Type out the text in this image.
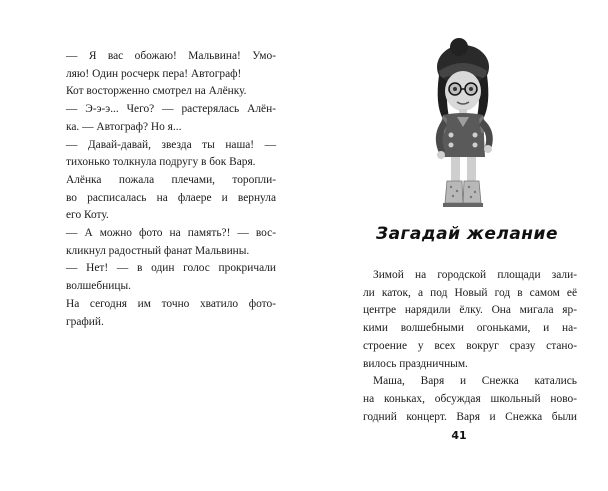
— Я вас обожаю! Мальвина! Умо-
ляю! Один росчерк пера! Автограф!
Кот восторженно смотрел на Алёнку.
— Э-э-э... Чего? — растерялась Алён-
ка. — Автограф? Но я...
— Давай-давай, звезда ты наша! —
тихонько толкнула подругу в бок Варя.
Алёнка пожала плечами, торопли-
во расписалась на флаере и вернула
его Коту.
— А можно фото на память?! — вос-
кликнул радостный фанат Мальвины.
— Нет! — в один голос прокричали
волшебницы.
На сегодня им точно хватило фото-
графий.
Загадай желание
Зимой на городской площади зали-
ли каток, а под Новый год в самом её
центре нарядили ёлку. Она мигала яр-
кими волшебными огоньками, и на-
строение у всех вокруг сразу стано-
вилось праздничным.
Маша, Варя и Снежка катались
на коньках, обсуждая школьный ново-
годний концерт. Варя и Снежка были
41
